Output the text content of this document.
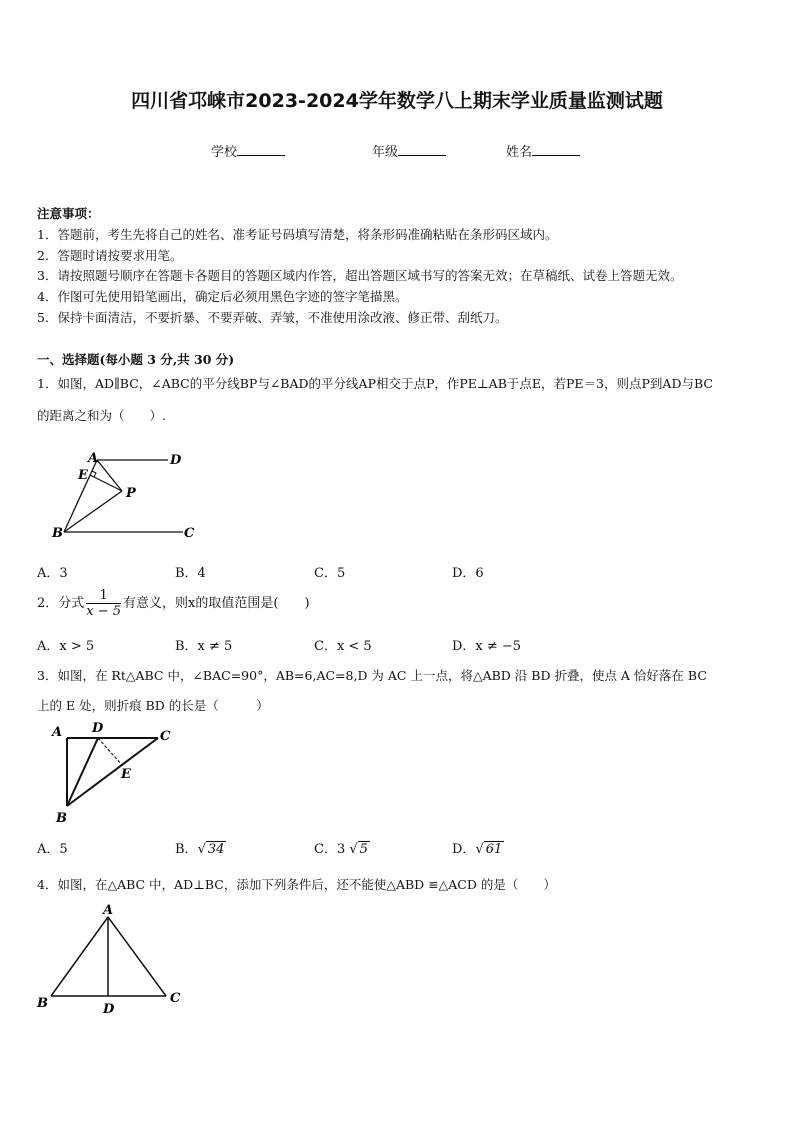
四川省邛崃市2023-2024学年数学八上期末学业质量监测试题
学校	年级	姓名
注意事项：
1．答题前，考生先将自己的姓名、准考证号码填写清楚，将条形码准确粘贴在条形码区域内。
2．答题时请按要求用笔。
3．请按照题号顺序在答题卡各题目的答题区域内作答，超出答题区域书写的答案无效；在草稿纸、试卷上答题无效。
4．作图可先使用铅笔画出，确定后必须用黑色字迹的签字笔描黑。
5．保持卡面清洁，不要折暴、不要弄破、弄皱，不准使用涂改液、修正带、刮纸刀。
一、选择题(每小题 3 分,共 30 分)
1．如图，AD∥BC，∠ABC的平分线BP与∠BAD的平分线AP相交于点P，作PE⊥AB于点E，若PE＝3，则点P到AD与BC
的距离之和为（　　）.
A	D
E
P
B	C
A．3	B．4	C．5	D．6
2．分式 $\frac{1}{x - 5}$ 有意义，则x的取值范围是(　　)
A．x > 5	B．x ≠ 5	C．x < 5	D．x ≠ −5
3．如图，在 Rt△ABC 中，∠BAC=90°，AB=6,AC=8,D 为 AC 上一点，将△ABD 沿 BD 折叠，使点 A 恰好落在 BC
上的 E 处，则折痕 BD 的长是（　　　）
A D
C
E
B
A．5	B．√ 34	C．3 √ 5	D．√ 61
4．如图，在△ABC 中，AD⊥BC，添加下列条件后，还不能使△ABD ≌△ACD 的是（　　）
A
B	D
C
